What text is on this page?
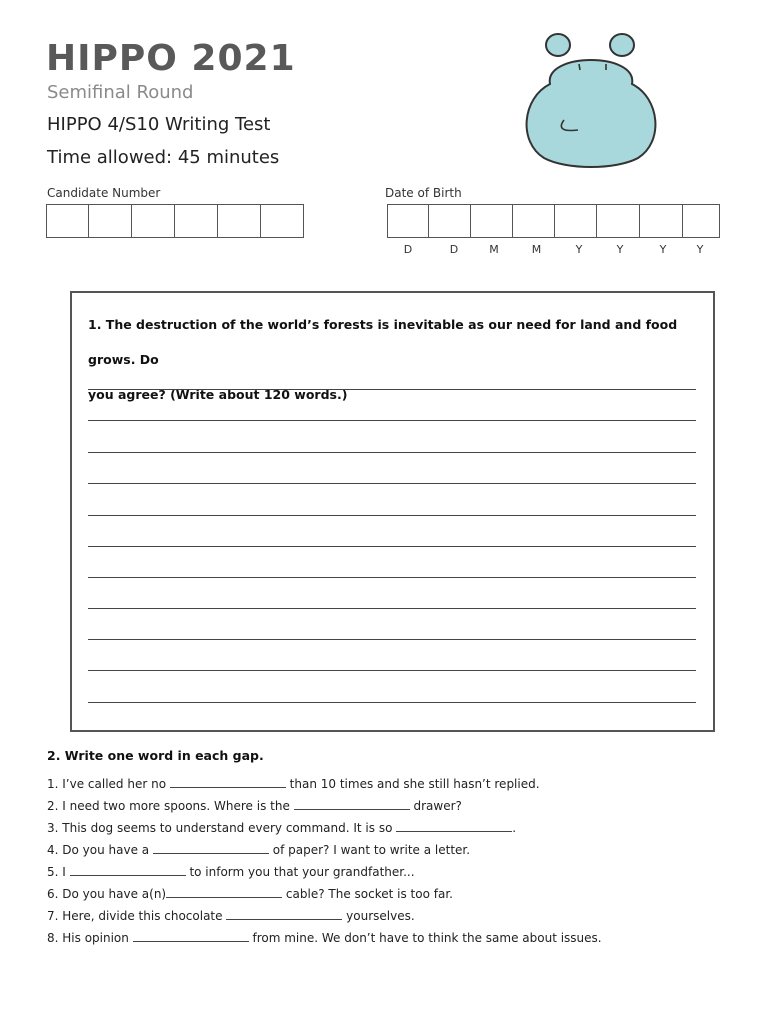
HIPPO 2021
Semifinal Round
HIPPO 4/S10 Writing Test
Time allowed: 45 minutes
Candidate Number	Date of Birth
D	D	M	M	Y	Y	Y	Y
1. The destruction of the world’s forests is inevitable as our need for land and food grows. Do
you agree? (Write about 120 words.)
2. Write one word in each gap.
1. I’ve called her no	than 10 times and she still hasn’t replied.
2. I need two more spoons. Where is the	drawer?
3. This dog seems to understand every command. It is so	.
4. Do you have a	of paper? I want to write a letter.
5. I	to inform you that your grandfather...
6. Do you have a(n)	cable? The socket is too far.
7. Here, divide this chocolate	yourselves.
8. His opinion	from mine. We don’t have to think the same about issues.
